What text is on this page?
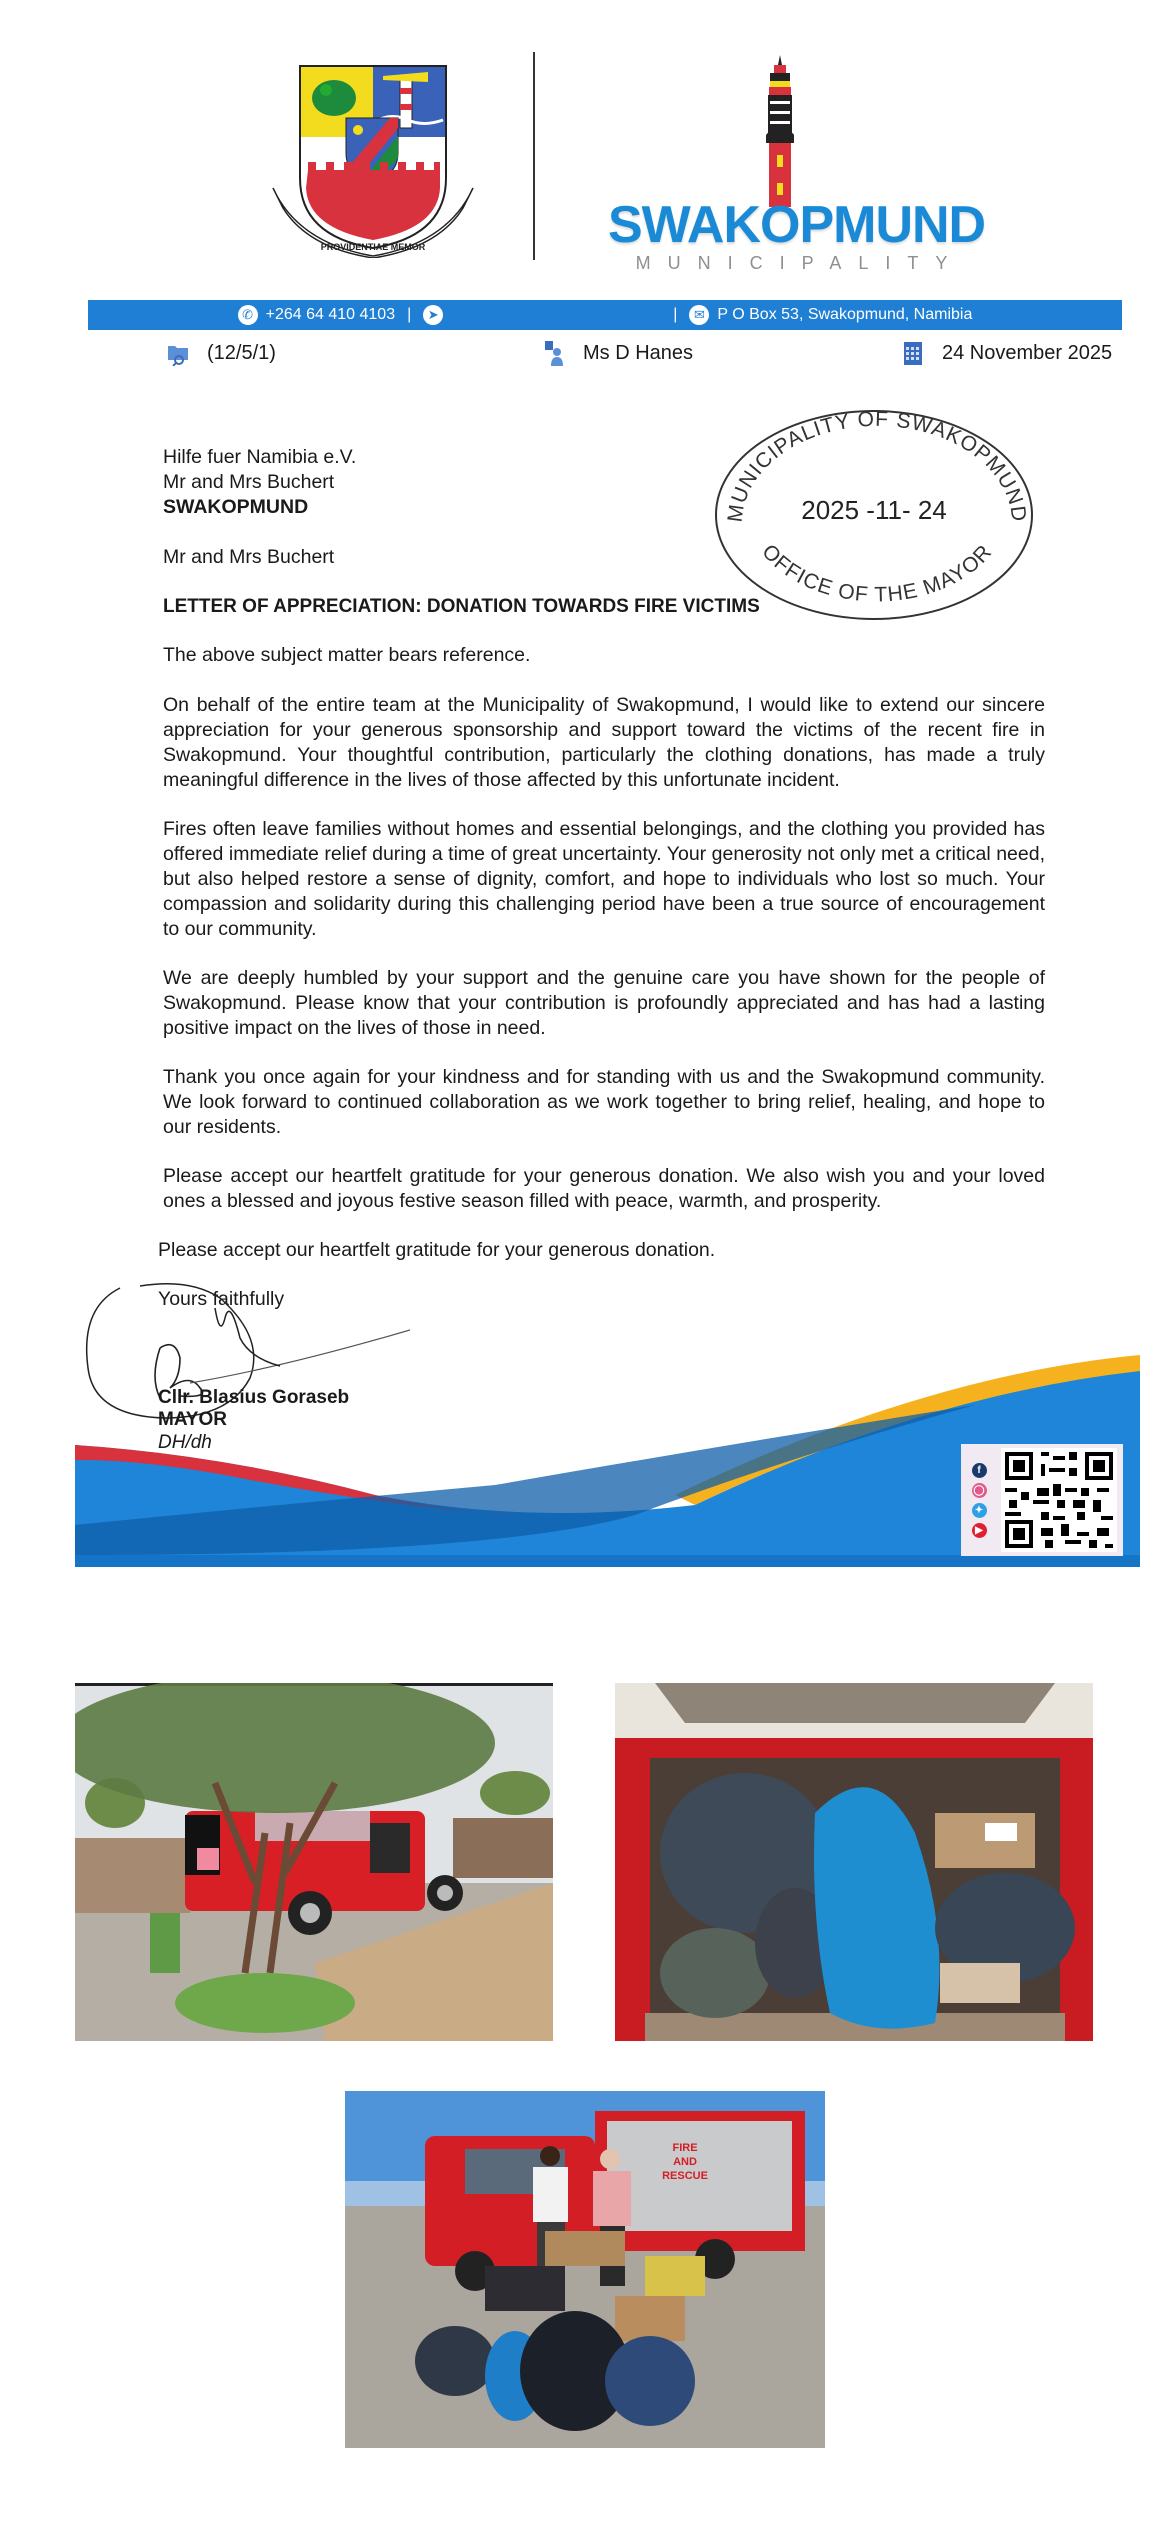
PROVIDENTIAE MEMOR	SWAKOPMUND
MUNICIPALITY
✆ +264 64 410 4103 |	➤	|	✉ P O Box 53, Swakopmund, Namibia
(12/5/1)	Ms D Hanes	24 November 2025
MUNICIPALITY OF SWAKOPMUND
OFFICE OF THE MAYOR
2025 -11- 24
Hilfe fuer Namibia e.V.
Mr and Mrs Buchert
SWAKOPMUND
Mr and Mrs Buchert
LETTER OF APPRECIATION: DONATION TOWARDS FIRE VICTIMS

The above subject matter bears reference.

On behalf of the entire team at the Municipality of Swakopmund, I would like to extend our sincere appreciation for your generous sponsorship and support toward the victims of the recent fire in Swakopmund. Your thoughtful contribution, particularly the clothing donations, has made a truly meaningful difference in the lives of those affected by this unfortunate incident.

Fires often leave families without homes and essential belongings, and the clothing you provided has offered immediate relief during a time of great uncertainty. Your generosity not only met a critical need, but also helped restore a sense of dignity, comfort, and hope to individuals who lost so much. Your compassion and solidarity during this challenging period have been a true source of encouragement to our community.

We are deeply humbled by your support and the genuine care you have shown for the people of Swakopmund. Please know that your contribution is profoundly appreciated and has had a lasting positive impact on the lives of those in need.

Thank you once again for your kindness and for standing with us and the Swakopmund community. We look forward to continued collaboration as we work together to bring relief, healing, and hope to our residents.

Please accept our heartfelt gratitude for your generous donation. We also wish you and your loved ones a blessed and joyous festive season filled with peace, warmth, and prosperity.

Please accept our heartfelt gratitude for your generous donation.

Yours faithfully
Cllr. Blasius Goraseb
MAYOR
DH/dh
f
◯
✦
▶
FIRE
AND
RESCUE
